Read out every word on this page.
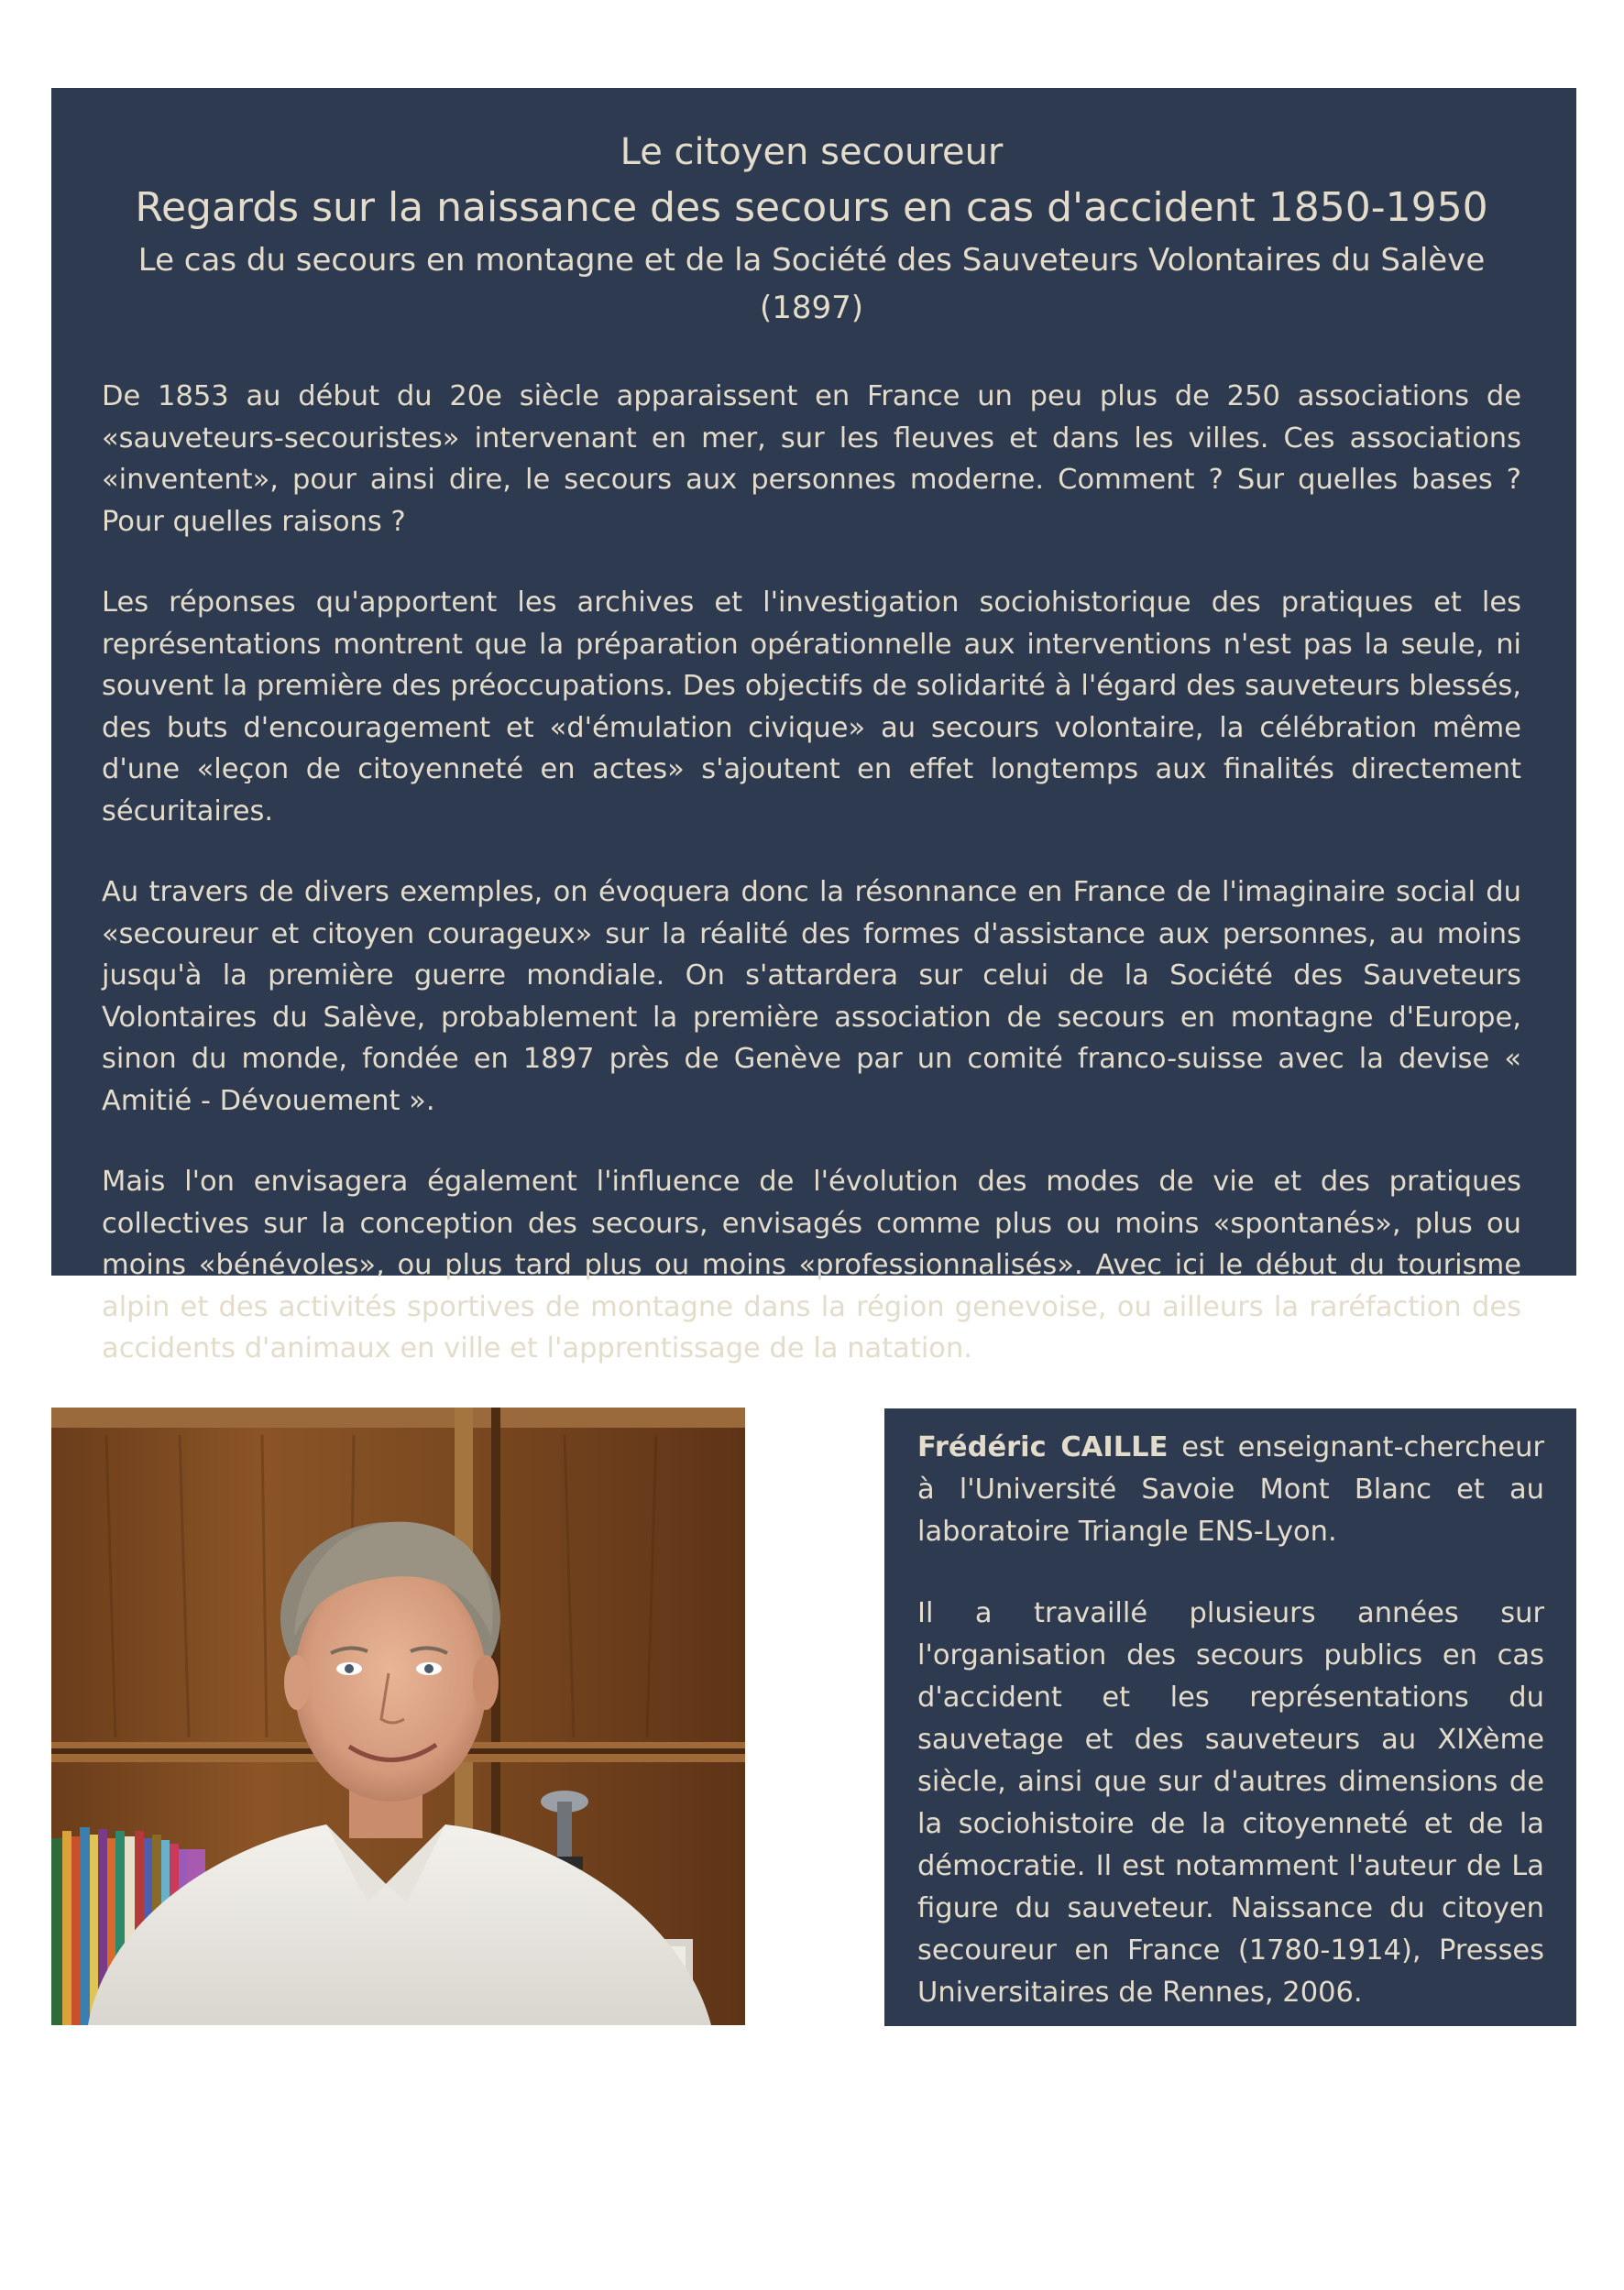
Le citoyen secoureur
Regards sur la naissance des secours en cas d'accident 1850-1950
Le cas du secours en montagne et de la Société des Sauveteurs Volontaires du Salève (1897)

De 1853 au début du 20e siècle apparaissent en France un peu plus de 250 associations de «sauveteurs-secouristes» intervenant en mer, sur les fleuves et dans les villes. Ces associations «inventent», pour ainsi dire, le secours aux personnes moderne. Comment ? Sur quelles bases ? Pour quelles raisons ?

Les réponses qu'apportent les archives et l'investigation sociohistorique des pratiques et les représentations montrent que la préparation opérationnelle aux interventions n'est pas la seule, ni souvent la première des préoccupations. Des objectifs de solidarité à l'égard des sauveteurs blessés, des buts d'encouragement et «d'émulation civique» au secours volontaire, la célébration même d'une «leçon de citoyenneté en actes» s'ajoutent en effet longtemps aux finalités directement sécuritaires.

Au travers de divers exemples, on évoquera donc la résonnance en France de l'imaginaire social du «secoureur et citoyen courageux» sur la réalité des formes d'assistance aux personnes, au moins jusqu'à la première guerre mondiale. On s'attardera sur celui de la Société des Sauveteurs Volontaires du Salève, probablement la première association de secours en montagne d'Europe, sinon du monde, fondée en 1897 près de Genève par un comité franco-suisse avec la devise « Amitié - Dévouement ».

Mais l'on envisagera également l'influence de l'évolution des modes de vie et des pratiques collectives sur la conception des secours, envisagés comme plus ou moins «spontanés», plus ou moins «bénévoles», ou plus tard plus ou moins «professionnalisés». Avec ici le début du tourisme alpin et des activités sportives de montagne dans la région genevoise, ou ailleurs la raréfaction des accidents d'animaux en ville et l'apprentissage de la natation.

Frédéric CAILLE est enseignant-chercheur à l'Université Savoie Mont Blanc et au laboratoire Triangle ENS-Lyon.

Il a travaillé plusieurs années sur l'organisation des secours publics en cas d'accident et les représentations du sauvetage et des sauveteurs au XIXème siècle, ainsi que sur d'autres dimensions de la sociohistoire de la citoyenneté et de la démocratie. Il est notamment l'auteur de La figure du sauveteur. Naissance du citoyen secoureur en France (1780-1914), Presses Universitaires de Rennes, 2006.
